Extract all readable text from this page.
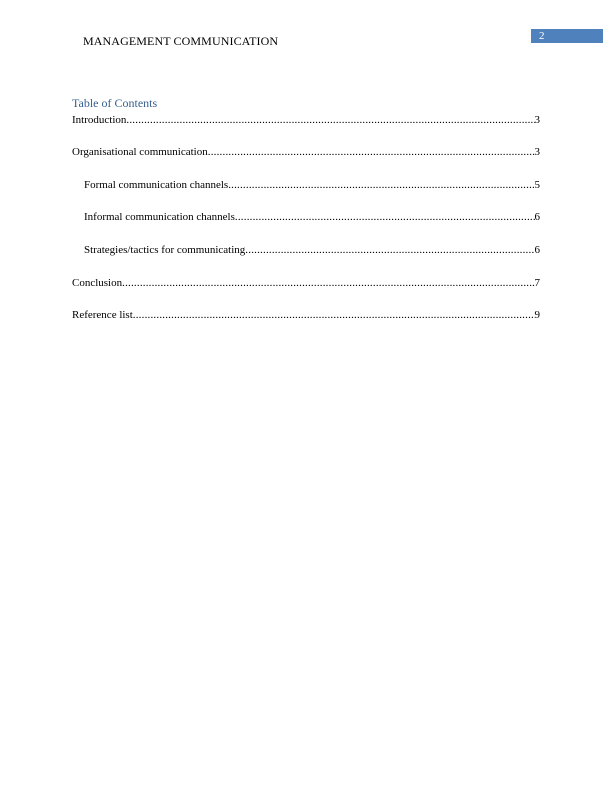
MANAGEMENT COMMUNICATION	2
Table of Contents
Introduction .....	3
Organisational communication .....	3
Formal communication channels .....	5
Informal communication channels .....	6
Strategies/tactics for communicating .....	6
Conclusion .....	7
Reference list .....	9
